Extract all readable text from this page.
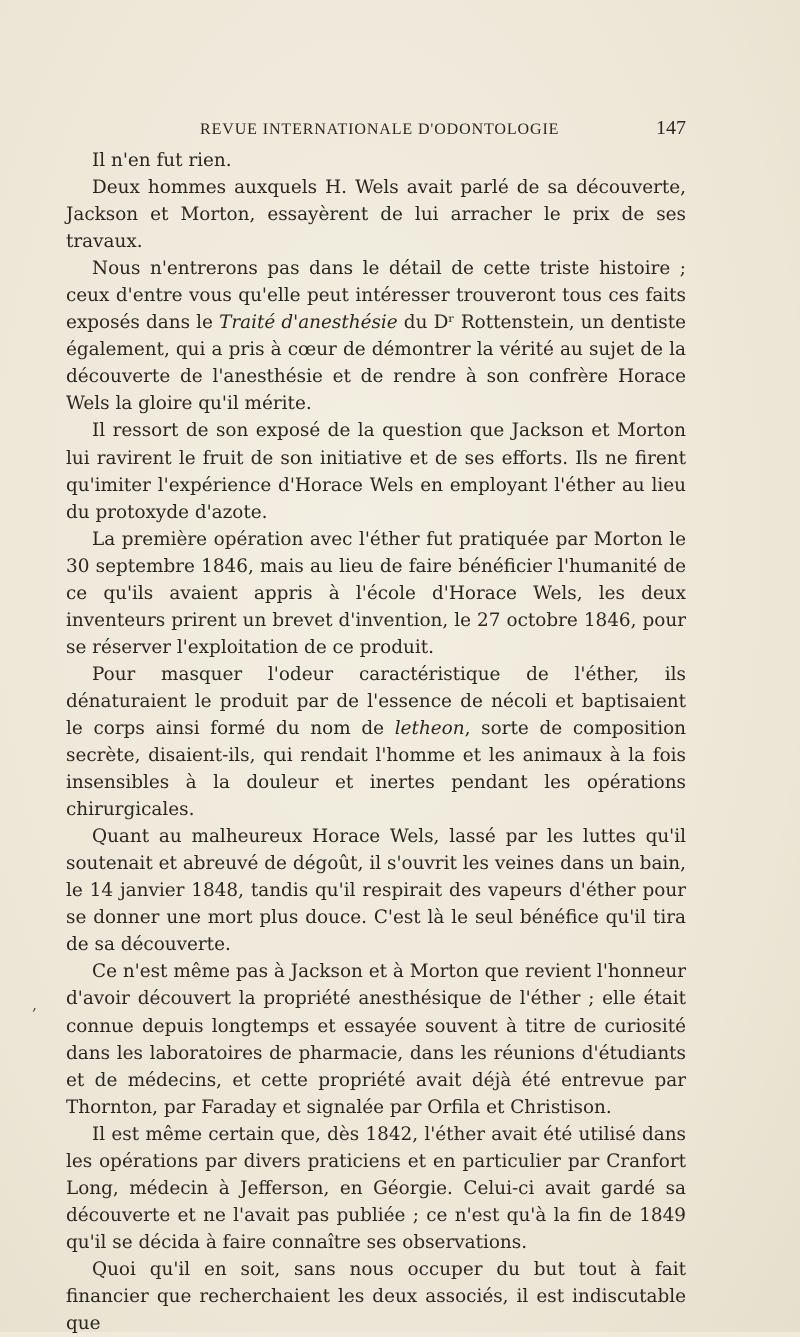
REVUE INTERNATIONALE D'ODONTOLOGIE	147

Il n'en fut rien.

Deux hommes auxquels H. Wels avait parlé de sa découverte, Jackson et Morton, essayèrent de lui arracher le prix de ses travaux.

Nous n'entrerons pas dans le détail de cette triste histoire ; ceux d'entre vous qu'elle peut intéresser trouveront tous ces faits exposés dans le Traité d'anesthésie du Dʳ Rottenstein, un dentiste également, qui a pris à cœur de démontrer la vérité au sujet de la découverte de l'anesthésie et de rendre à son confrère Horace Wels la gloire qu'il mérite.

Il ressort de son exposé de la question que Jackson et Morton lui ravirent le fruit de son initiative et de ses efforts. Ils ne firent qu'imiter l'expérience d'Horace Wels en employant l'éther au lieu du protoxyde d'azote.

La première opération avec l'éther fut pratiquée par Morton le 30 septembre 1846, mais au lieu de faire bénéficier l'humanité de ce qu'ils avaient appris à l'école d'Horace Wels, les deux inventeurs prirent un brevet d'invention, le 27 octobre 1846, pour se réserver l'exploitation de ce produit.

Pour masquer l'odeur caractéristique de l'éther, ils dénaturaient le produit par de l'essence de nécoli et baptisaient le corps ainsi formé du nom de letheon, sorte de composition secrète, disaient-ils, qui rendait l'homme et les animaux à la fois insensibles à la douleur et inertes pendant les opérations chirurgicales.

Quant au malheureux Horace Wels, lassé par les luttes qu'il soutenait et abreuvé de dégoût, il s'ouvrit les veines dans un bain, le 14 janvier 1848, tandis qu'il respirait des vapeurs d'éther pour se donner une mort plus douce. C'est là le seul bénéfice qu'il tira de sa découverte.

Ce n'est même pas à Jackson et à Morton que revient l'honneur d'avoir découvert la propriété anesthésique de l'éther ; elle était connue depuis longtemps et essayée souvent à titre de curiosité dans les laboratoires de pharmacie, dans les réunions d'étudiants et de médecins, et cette propriété avait déjà été entrevue par Thornton, par Faraday et signalée par Orfila et Christison.

Il est même certain que, dès 1842, l'éther avait été utilisé dans les opérations par divers praticiens et en particulier par Cranfort Long, médecin à Jefferson, en Géorgie. Celui-ci avait gardé sa découverte et ne l'avait pas publiée ; ce n'est qu'à la fin de 1849 qu'il se décida à faire connaître ses observations.

Quoi qu'il en soit, sans nous occuper du but tout à fait financier que recherchaient les deux associés, il est indiscutable que

,
